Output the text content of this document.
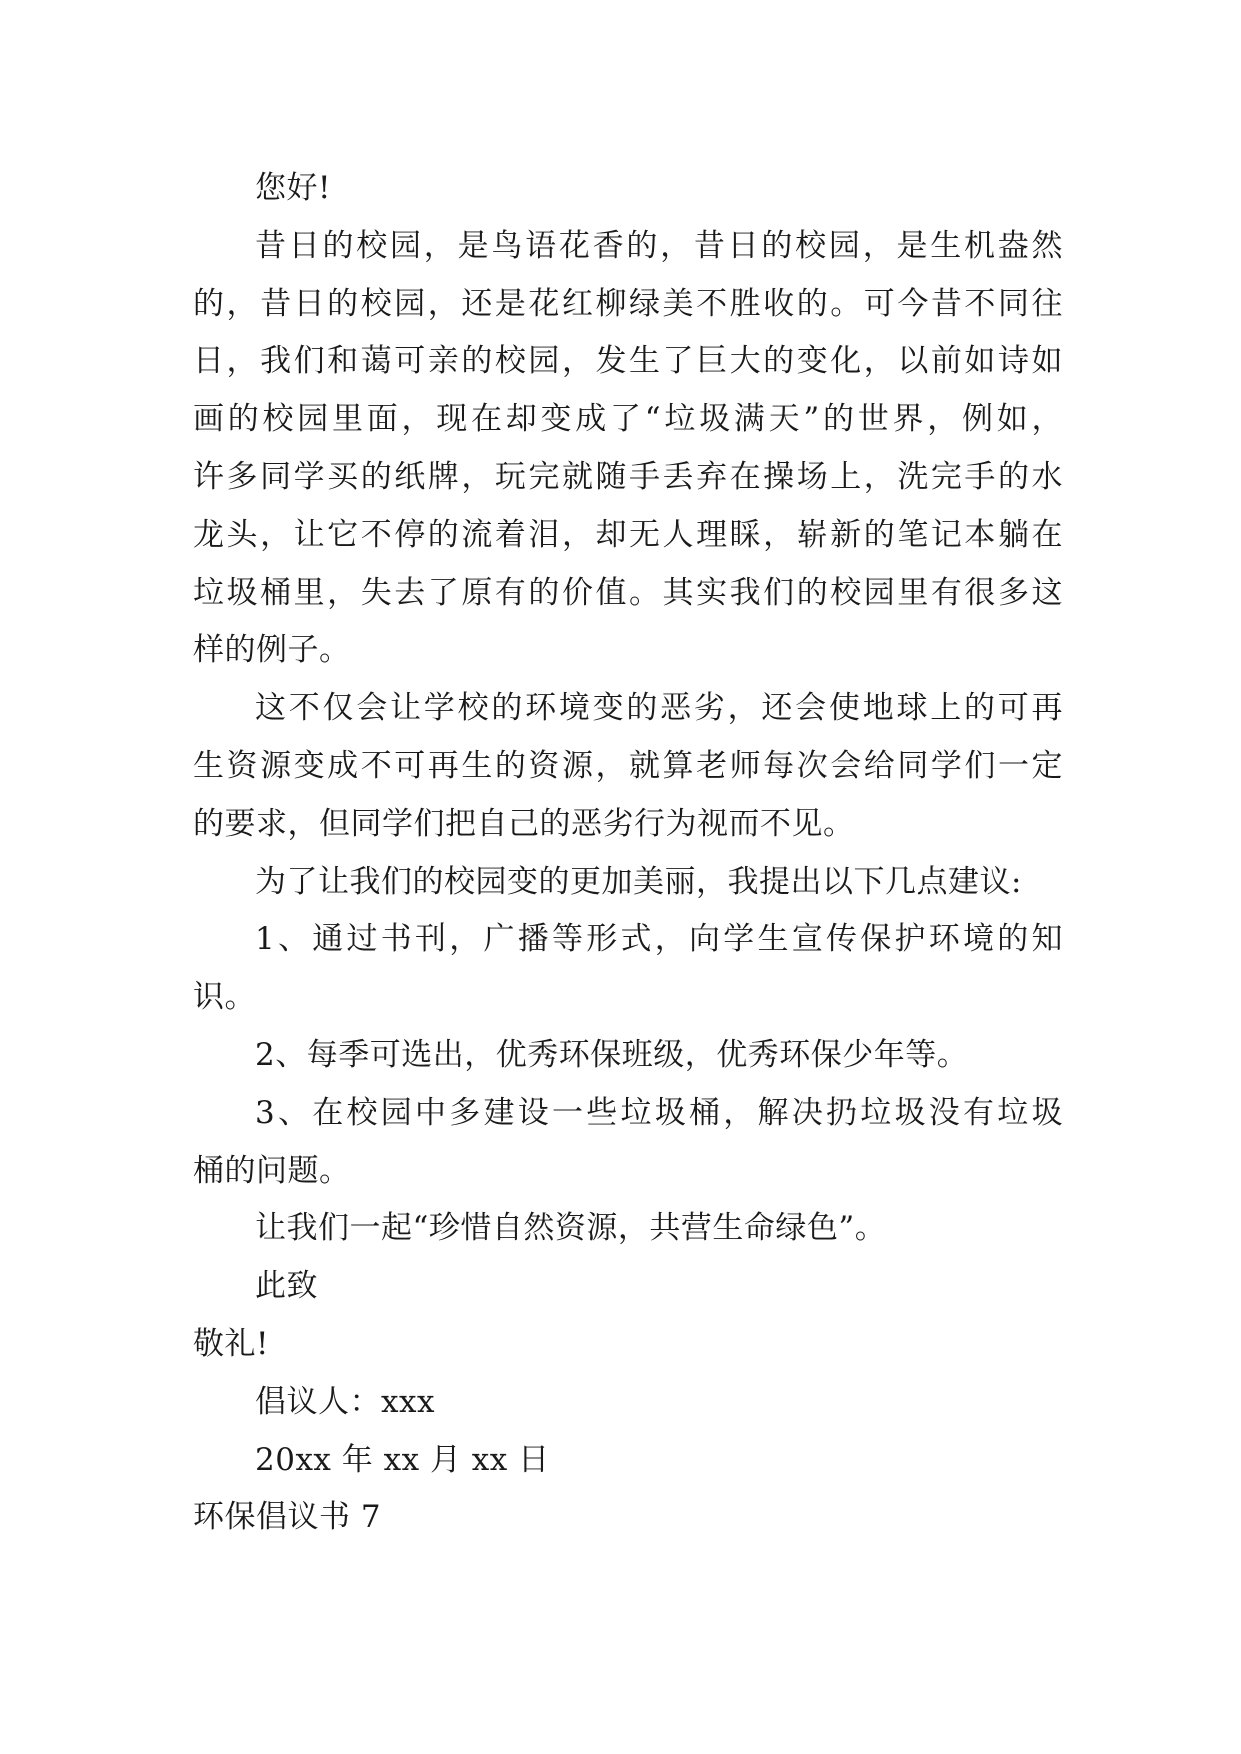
您好!

昔日的校园，是鸟语花香的，昔日的校园，是生机盎然
的，昔日的校园，还是花红柳绿美不胜收的。可今昔不同往
日，我们和蔼可亲的校园，发生了巨大的变化，以前如诗如
画的校园里面，现在却变成了“垃圾满天”的世界，例如，
许多同学买的纸牌，玩完就随手丢弃在操场上，洗完手的水
龙头，让它不停的流着泪，却无人理睬，崭新的笔记本躺在
垃圾桶里，失去了原有的价值。其实我们的校园里有很多这
样的例子。
这不仅会让学校的环境变的恶劣，还会使地球上的可再
生资源变成不可再生的资源，就算老师每次会给同学们一定
的要求，但同学们把自己的恶劣行为视而不见。

为了让我们的校园变的更加美丽，我提出以下几点建议:

1、通过书刊，广播等形式，向学生宣传保护环境的知
识。

2、每季可选出，优秀环保班级，优秀环保少年等。

3、在校园中多建设一些垃圾桶，解决扔垃圾没有垃圾
桶的问题。

让我们一起“珍惜自然资源，共营生命绿色”。

此致

敬礼!

倡议人：xxx

20xx 年 xx 月 xx 日

环保倡议书 7
